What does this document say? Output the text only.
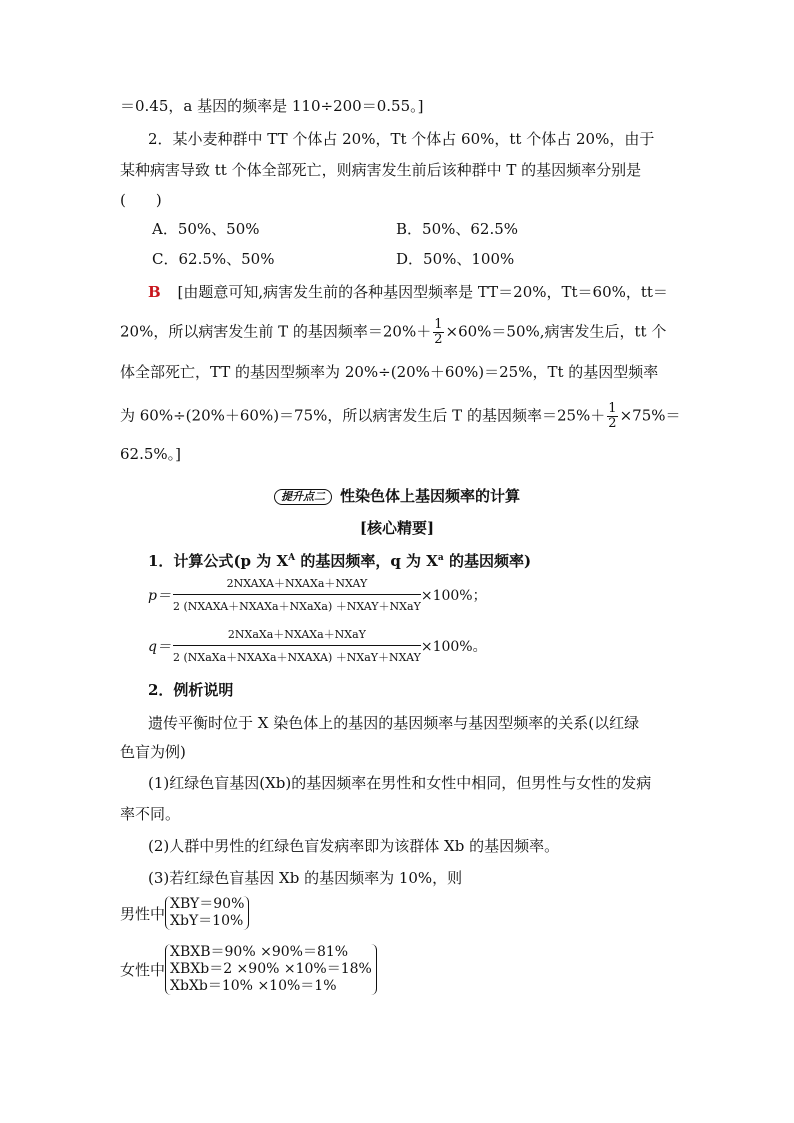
＝0.45，a 基因的频率是 110÷200＝0.55。]
2．某小麦种群中 TT 个体占 20%，Tt 个体占 60%，tt 个体占 20%，由于
某种病害导致 tt 个体全部死亡，则病害发生前后该种群中 T 的基因频率分别是
(　　)
A．50%、50%	B．50%、62.5%
C．62.5%、50%	D．50%、100%
B [由题意可知,病害发生前的各种基因型频率是 TT＝20%，Tt＝60%，tt＝
20%，所以病害发生前 T 的基因频率$=20\%+ \frac{1}{2} \times 60\%=50\%$,病害发生后，tt 个
体全部死亡，TT 的基因型频率为 20%÷(20%＋60%)＝25%，Tt 的基因型频率
为 60%÷(20%＋60%)＝75%，所以病害发生后 T 的基因频率$=25\%+ \frac{1}{2} \times 75\%=$
62.5%。]
提升点二 性染色体上基因频率的计算
[核心精要]
1．计算公式(p 为 $X^A$ 的基因频率，q 为 $X^a$ 的基因频率)
$p= \frac{\text{2NXAXA＋NXAXa＋NXAY}}{\text{2 (NXAXA＋NXAXa＋NXaXa) ＋NXAY＋NXaY}} \times 100\%$；
$q= \frac{\text{2NXaXa＋NXAXa＋NXaY}}{\text{2 (NXaXa＋NXAXa＋NXAXA) ＋NXaY＋NXAY}} \times 100\%$。
2．例析说明
遗传平衡时位于 X 染色体上的基因的基因频率与基因型频率的关系(以红绿
色盲为例)
(1)红绿色盲基因(Xb)的基因频率在男性和女性中相同，但男性与女性的发病
率不同。
(2)人群中男性的红绿色盲发病率即为该群体 Xb 的基因频率。
(3)若红绿色盲基因 Xb 的基因频率为 10%，则
男性中
XBY＝90%
XbY＝10%
女性中
XBXB＝90% ×90%＝81%
XBXb＝2 ×90% ×10%＝18%
XbXb＝10% ×10%＝1%
